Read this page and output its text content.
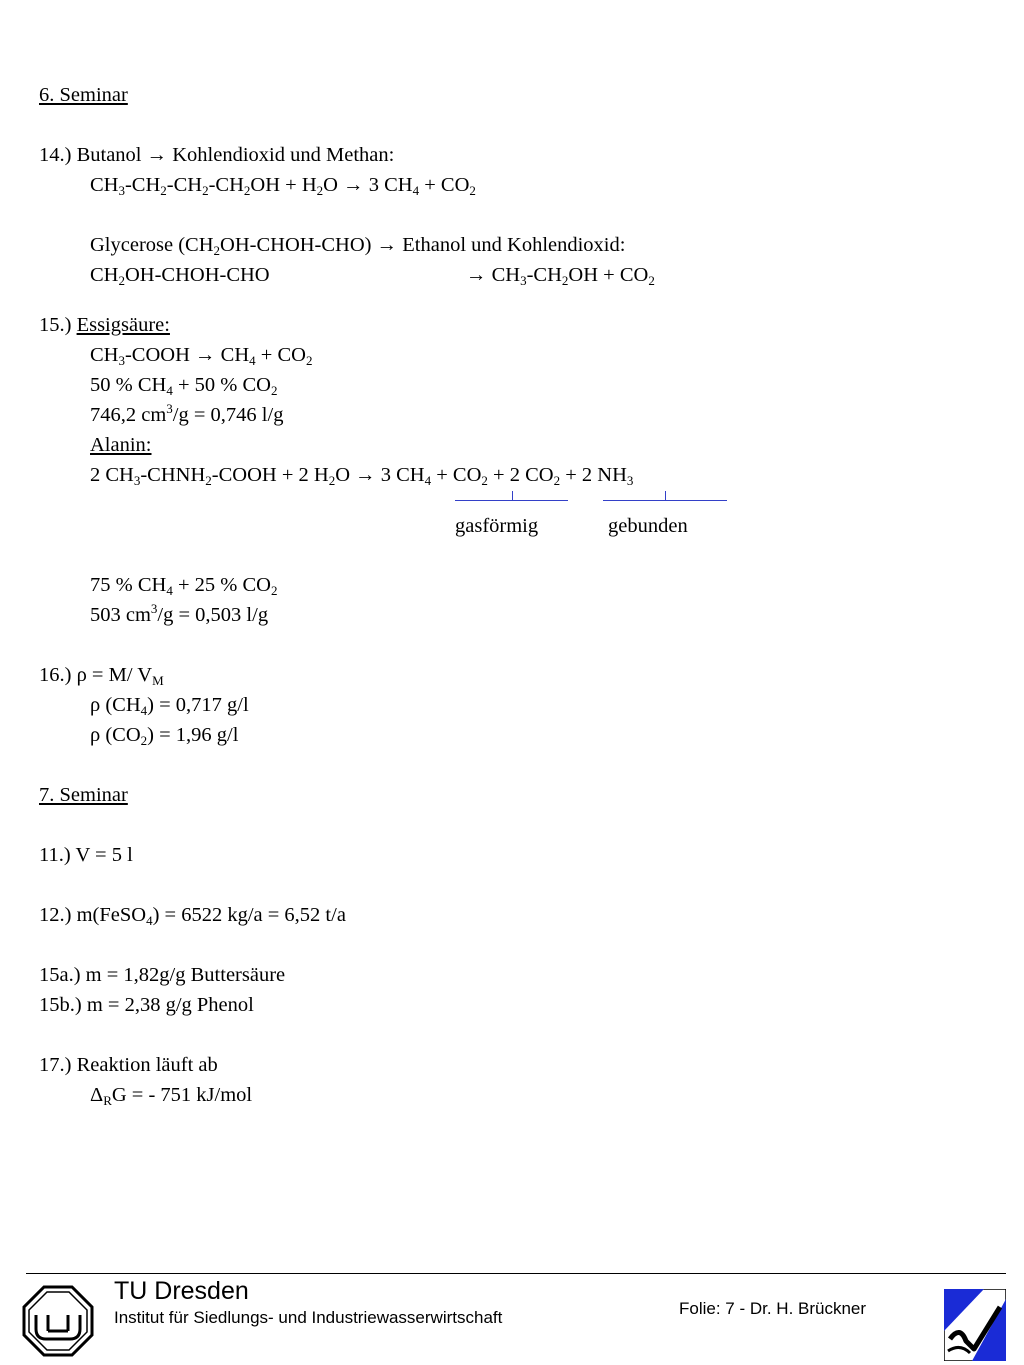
6. Seminar
14.) Butanol → Kohlendioxid und Methan:
$CH_3-CH_2-CH_2-CH_2OH + H_2O \to 3$ $CH_4 + CO_2$
Glycerose $(CH_2OH-CHOH-CHO)$ → Ethanol und Kohlendioxid:
$CH_2OH-CHOH$-CHO	→ $CH_3-CH_2OH + CO_2$
15.) Essigsäure:
$CH_3$-COOH → $CH_4 + CO_2$
50 % $CH_4 + 50$ % $CO_2$
746,2 $cm^3/g = 0,746$ l/g
Alanin:
2 $CH_3-CHNH_2$-COOH + 2 $H_2O \to 3$ $CH_4 + CO_2 + 2$ $CO_2 + 2$ $NH_3$
gasförmig	gebunden
75 % $CH_4 + 25$ % $CO_2$
503 $cm^3/g = 0,503$ l/g
16.) ρ = M/ $V_M$
ρ $(CH_4) = 0,717$ g/l
ρ $(CO_2) = 1,96$ g/l
7. Seminar
11.) V = 5 l
12.) m(FeSO$_4$) = 6522 kg/a = 6,52 t/a
15a.) m = 1,82g/g Buttersäure
15b.) m = 2,38 g/g Phenol
17.) Reaktion läuft ab
$\Delta_RG$ = - 751 kJ/mol
TU Dresden
Institut für Siedlungs- und Industriewasserwirtschaft	Folie: 7 - Dr. H. Brückner
